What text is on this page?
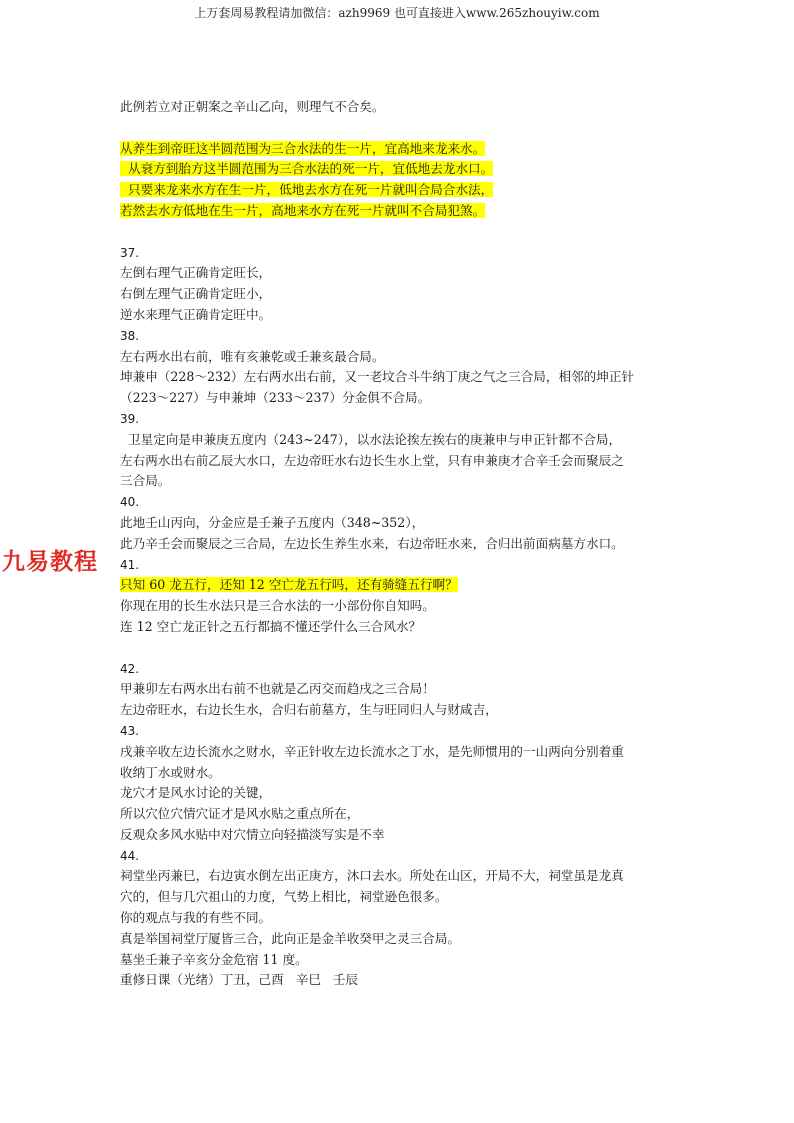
上万套周易教程请加微信：azh9969 也可直接进入www.265zhouyiw.com
九易教程
此例若立对正朝案之辛山乙向，则理气不合矣。
从养生到帝旺这半圆范围为三合水法的生一片，宜高地来龙来水。
从衰方到胎方这半圆范围为三合水法的死一片，宜低地去龙水口。
只要来龙来水方在生一片，低地去水方在死一片就叫合局合水法，
若然去水方低地在生一片，高地来水方在死一片就叫不合局犯煞。
37.
左倒右理气正确肯定旺长，
右倒左理气正确肯定旺小，
逆水来理气正确肯定旺中。
38.
左右两水出右前，唯有亥兼乾或壬兼亥最合局。
坤兼申（228～232）左右两水出右前，又一老坟合斗牛纳丁庚之气之三合局，相邻的坤正针
（223～227）与申兼坤（233～237）分金俱不合局。
39.
卫星定向是申兼庚五度内（243~247），以水法论挨左挨右的庚兼申与申正针都不合局，
左右两水出右前乙辰大水口，左边帝旺水右边长生水上堂，只有申兼庚才合辛壬会而聚辰之
三合局。
40.
此地壬山丙向，分金应是壬兼子五度内（348~352），
此乃辛壬会而聚辰之三合局，左边长生养生水来，右边帝旺水来，合归出前面病墓方水口。
41.
只知 60 龙五行，还知 12 空亡龙五行吗，还有骑缝五行啊？
你现在用的长生水法只是三合水法的一小部份你自知吗。
连 12 空亡龙正针之五行都搞不懂还学什么三合风水？
42.
甲兼卯左右两水出右前不也就是乙丙交而趋戌之三合局！
左边帝旺水，右边长生水，合归右前墓方，生与旺同归人与财咸吉，
43.
戌兼辛收左边长流水之财水，辛正针收左边长流水之丁水，是先师惯用的一山两向分别着重
收纳丁水或财水。
龙穴才是风水讨论的关键，
所以穴位穴情穴证才是风水贴之重点所在，
反观众多风水贴中对穴情立向轻描淡写实是不幸
44.
祠堂坐丙兼巳，右边寅水倒左出正庚方，沐口去水。所处在山区，开局不大，祠堂虽是龙真
穴的，但与几穴祖山的力度，气势上相比，祠堂逊色很多。
你的观点与我的有些不同。
真是举国祠堂厅厦皆三合，此向正是金羊收癸甲之灵三合局。
墓坐壬兼子辛亥分金危宿 11 度。
重修日课（光绪）丁丑，己酉   辛巳   壬辰
